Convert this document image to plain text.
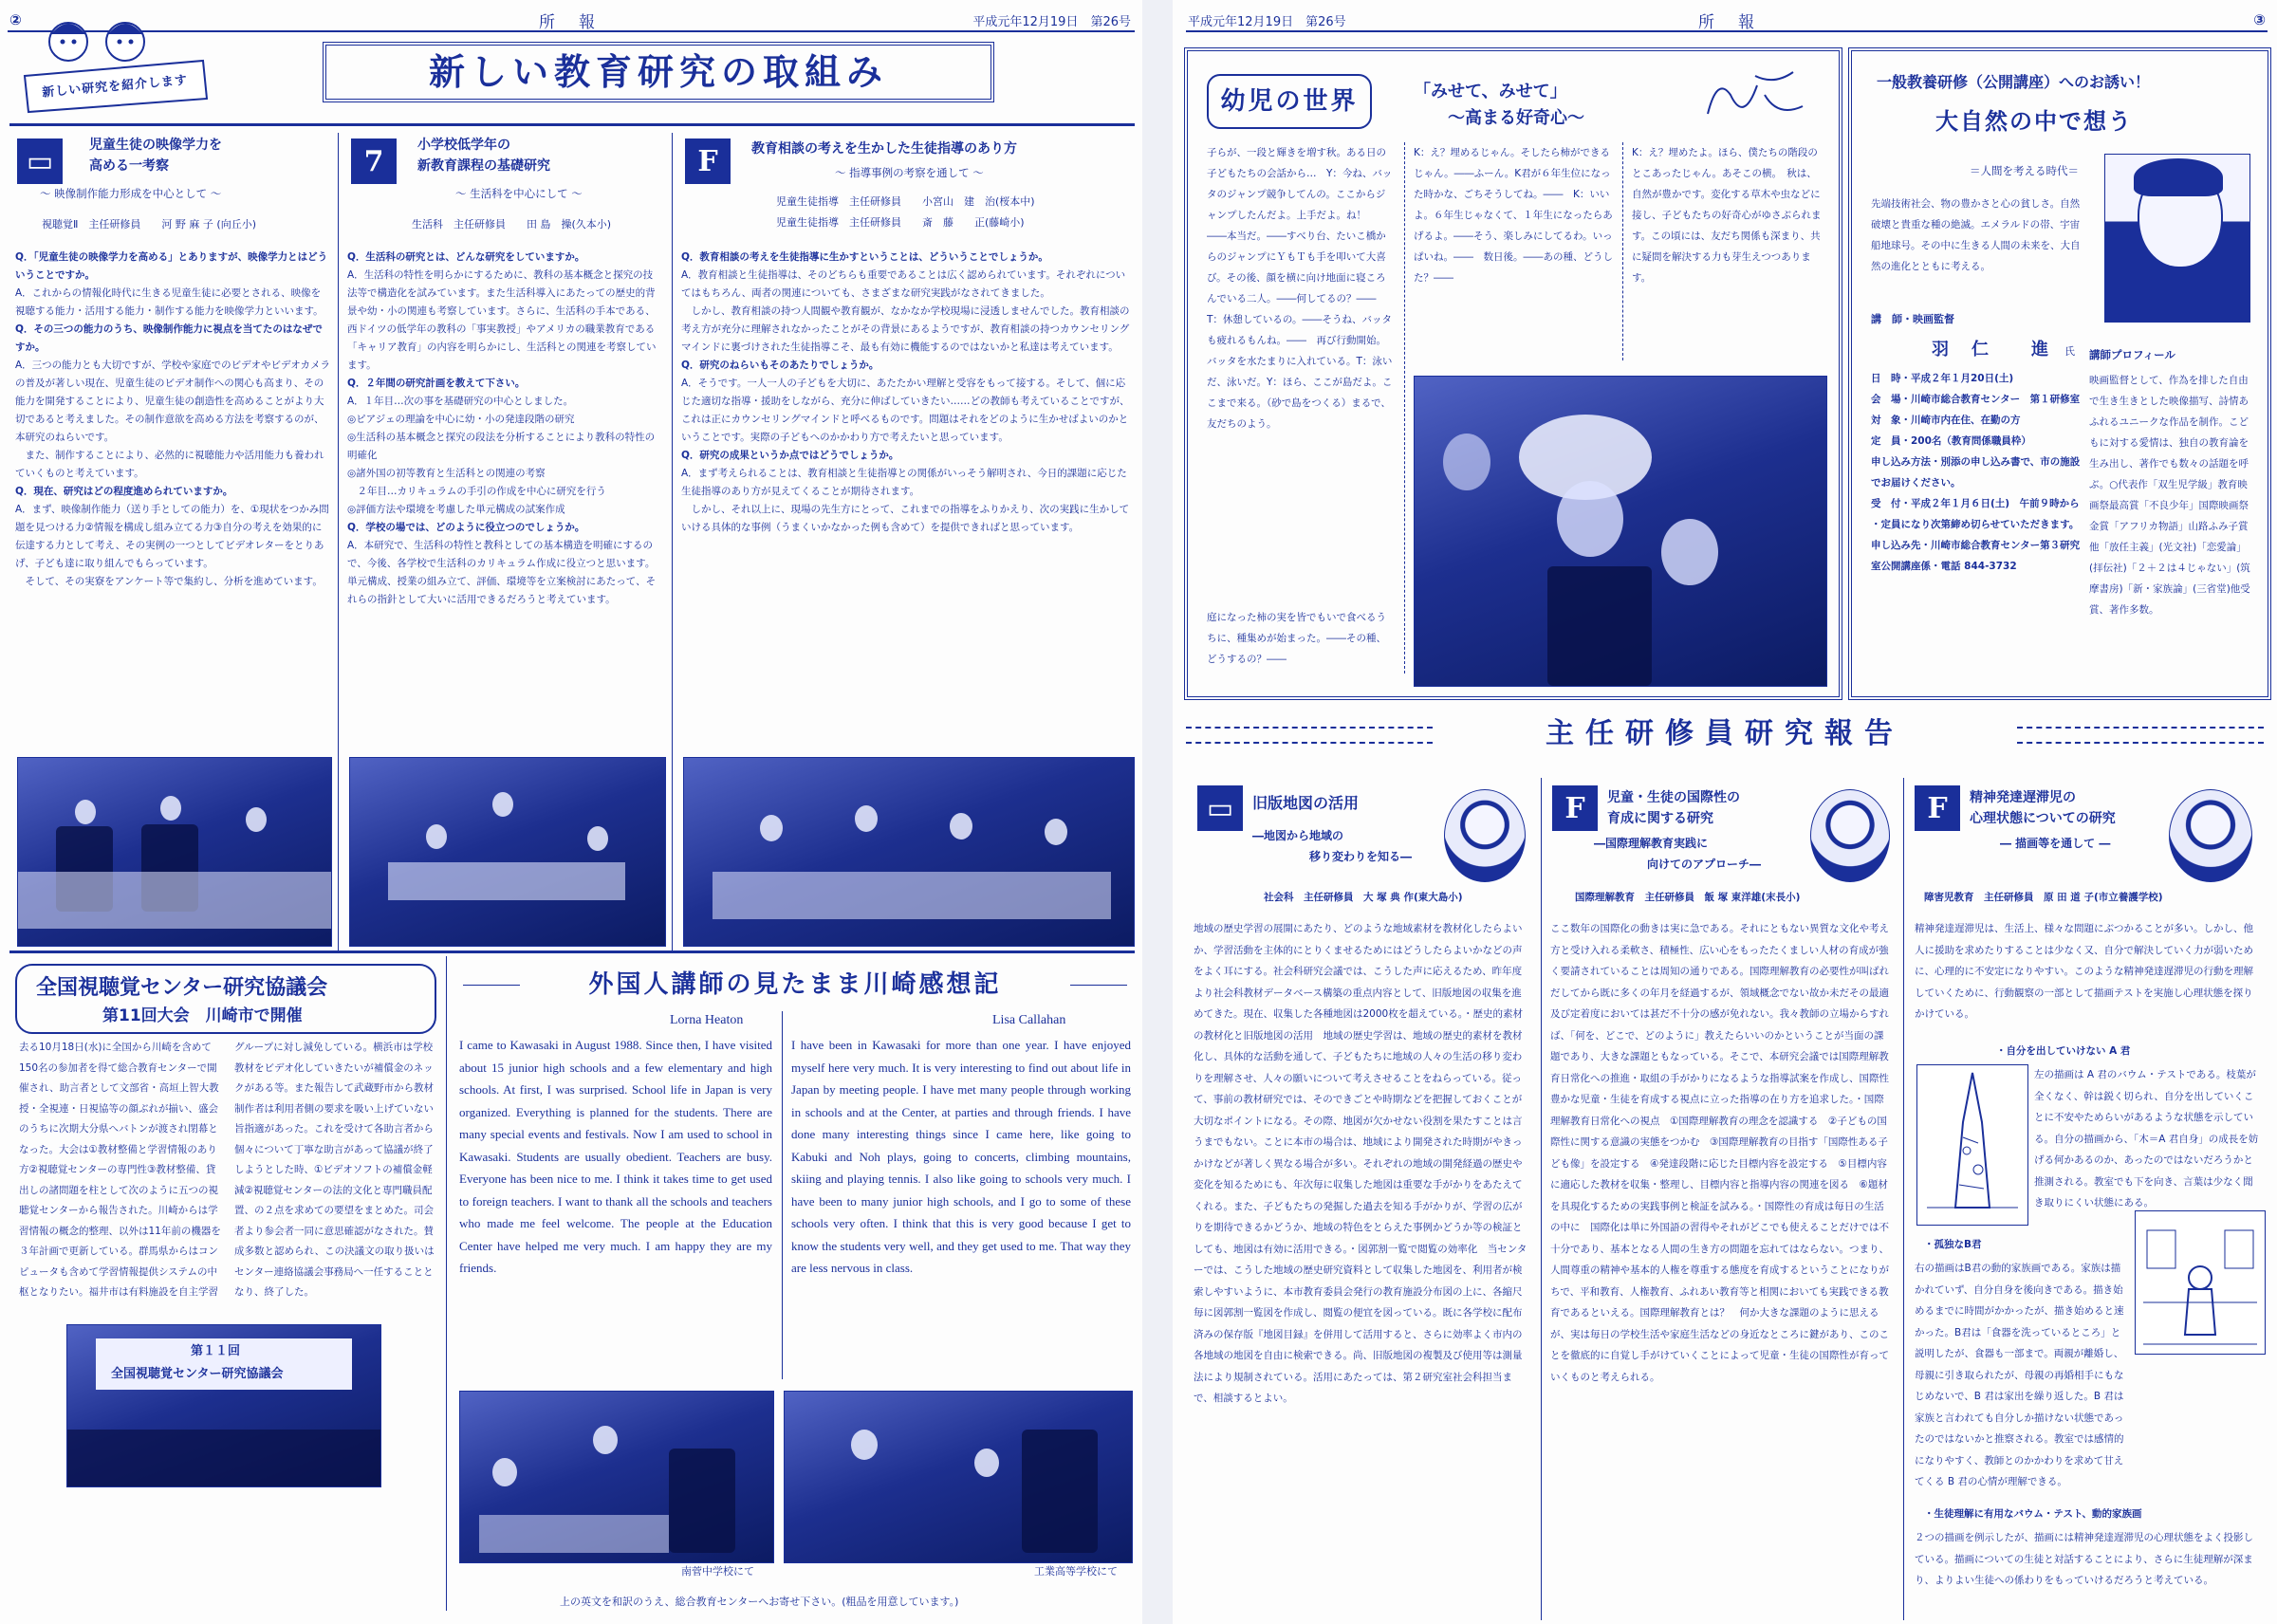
②	所　報	平成元年12月19日　第26号
新しい研究を紹介します	新しい教育研究の取組み
▭	児童生徒の映像学力を
高める一考察
～ 映像制作能力形成を中心として ～
視聴覚Ⅱ　主任研修員　　河 野 麻 子 (向丘小)

Q．「児童生徒の映像学力を高める」とありますが、映像学力とはどういうことですか。

A．これからの情報化時代に生きる児童生徒に必要とされる、映像を視聴する能力・活用する能力・制作する能力を映像学力といいます。

Q．その三つの能力のうち、映像制作能力に視点を当てたのはなぜですか。

A．三つの能力とも大切ですが、学校や家庭でのビデオやビデオカメラの普及が著しい現在、児童生徒のビデオ制作への関心も高まり、その能力を開発することにより、児童生徒の創造性を高めることがより大切であると考えました。その制作意欲を高める方法を考察するのが、本研究のねらいです。

　また、制作することにより、必然的に視聴能力や活用能力も養われていくものと考えています。

Q．現在、研究はどの程度進められていますか。

A．まず、映像制作能力（送り手としての能力）を、①現状をつかみ問題を見つける力②情報を構成し組み立てる力③自分の考えを効果的に伝達する力として考え、その実例の一つとしてビデオレターをとりあげ、子ども達に取り組んでもらっています。

　そして、その実寮をアンケート等で集約し、分析を進めています。

7	小学校低学年の
新教育課程の基礎研究
～ 生活科を中心にして ～
生活科　主任研修員　　田 島　操(久本小)

Q．生活科の研究とは、どんな研究をしていますか。

A．生活科の特性を明らかにするために、教科の基本概念と探究の技法等で構造化を試みています。また生活科導入にあたっての歴史的背景や幼・小の関連も考察しています。さらに、生活科の手本である、西ドイツの低学年の教科の「事実教授」やアメリカの職業教育である「キャリア教育」の内容を明らかにし、生活科との関連を考察しています。

Q．２年間の研究計画を教えて下さい。

A．１年目…次の事を基礎研究の中心としました。

◎ピアジェの理論を中心に幼・小の発達段階の研究

◎生活科の基本概念と探究の段法を分析することにより教科の特性の明確化

◎諸外国の初等教育と生活科との関連の考察

　２年目…カリキュラムの手引の作成を中心に研究を行う

◎評価方法や環境を考慮した単元構成の試案作成

Q．学校の場では、どのように役立つのでしょうか。

A．本研究で、生活科の特性と教科としての基本構造を明確にするので、今後、各学校で生活科のカリキュラム作成に役立つと思います。単元構成、授業の組み立て、評価、環境等を立案検討にあたって、それらの指針として大いに活用できるだろうと考えています。

F	教育相談の考えを生かした生徒指導のあり方
～ 指導事例の考察を通して ～
児童生徒指導　主任研修員　　小宮山　建　治(桜本中)
児童生徒指導　主任研修員　　斎　藤　　正(藤崎小)

Q．教育相談の考えを生徒指導に生かすということは、どういうことでしょうか。

A．教育相談と生徒指導は、そのどちらも重要であることは広く認められています。それぞれについてはもちろん、両者の関連についても、さまざまな研究実践がなされてきました。

　しかし、教育相談の持つ人間観や教育観が、なかなか学校現場に浸透しませんでした。教育相談の考え方が充分に理解されなかったことがその背景にあるようですが、教育相談の持つカウンセリングマインドに裏づけされた生徒指導こそ、最も有効に機能するのではないかと私達は考えています。

Q．研究のねらいもそのあたりでしょうか。

A．そうです。一人一人の子どもを大切に、あたたかい理解と受容をもって接する。そして、個に応じた適切な指導・援助をしながら、充分に伸ばしていきたい……どの教師も考えていることですが、これは正にカウンセリングマインドと呼べるものです。問題はそれをどのように生かせばよいのかということです。実際の子どもへのかかわり方で考えたいと思っています。

Q．研究の成果というか点ではどうでしょうか。

A．まず考えられることは、教育相談と生徒指導との関係がいっそう解明され、今日的課題に応じた生徒指導のあり方が見えてくることが期待されます。

　しかし、それ以上に、現場の先生方にとって、これまでの指導をふりかえり、次の実践に生かしていける具体的な事例（うまくいかなかった例も含めて）を提供できればと思っています。

全国視聴覚センター研究協議会
第11回大会　川崎市で開催
去る10月18日(水)に全国から川崎を含めて150名の参加者を得て総合教育センターで開催され、助言者として文部省・高垣上智大教授・全視連・日視協等の顔ぶれが揃い、盛会のうちに次期大分県へバトンが渡され閉幕となった。大会は①教材整備と学習情報のあり方②視聴覚センターの専門性③教材整備、貸出しの諸問題を柱として次のように五つの視聴覚センターから報告された。川崎からは学習情報の概念的整理、以外は11年前の機器を３年計画で更新している。群馬県からはコンピュータも含めて学習情報提供システムの中枢となりたい。福井市は有料施設を自主学習グループに対し減免している。横浜市は学校教材をビデオ化していきたいが補償金のネックがある等。また報告して武蔵野市から教材制作者は利用者側の要求を吸い上げていない旨指適があった。これを受けて各助言者から個々について丁寧な助言があって協議が終了しようとした時、①ビデオソフトの補償金軽減②視聴覚センターの法的文化と専門職員配置、の２点を求めての要望をまとめた。司会者より参会者一同に意思確認がなされた。賛成多数と認められ、この決議文の取り扱いはセンター連絡協議会事務局へ一任することとなり、終了した。
第１１回
全国視聴覚センター研究協議会
外国人講師の見たまま川崎感想記
Lorna Heaton	Lisa Callahan
I came to Kawasaki in August 1988. Since then, I have visited about 15 junior high schools and a few elementary and high schools. At first, I was surprised. School life in Japan is very organized. Everything is planned for the students. There are many special events and festivals. Now I am used to school in Kawasaki. Students are usually obedient. Teachers are busy. Everyone has been nice to me. I think it takes time to get used to foreign teachers. I want to thank all the schools and teachers who made me feel welcome. The people at the Education Center have helped me very much. I am happy they are my friends.
I have been in Kawasaki for more than one year. I have enjoyed myself here very much. It is very interesting to find out about life in Japan by meeting people. I have met many people through working in schools and at the Center, at parties and through friends. I have done many interesting things since I came here, like going to Kabuki and Noh plays, going to concerts, climbing mountains, skiing and playing tennis. I also like going to schools very much. I have been to many junior high schools, and I go to some of these schools very often. I think that this is very good because I get to know the students very well, and they get used to me. That way they are less nervous in class.
南菅中学校にて	工業高等学校にて
上の英文を和訳のうえ、総合教育センターへお寄せ下さい。(粗品を用意しています。)
平成元年12月19日　第26号	所　報	③
幼児の世界	「みせて、みせて」
～高まる好奇心～
子らが、一段と輝きを増す秋。ある日の子どもたちの会話から…　Y：今ね、バッタのジャンプ競争してんの。ここからジャンプしたんだよ。上手だよ。ね！　――本当だ。――すべり台、たいこ橋からのジャンプにＹもＴも手を叩いて大喜び。その後、顔を横に向け地面に寝ころんでいる二人。――何してるの？――　T：休憩しているの。――そうね、バッタも疲れるもんね。――　再び行動開始。バッタを水たまりに入れている。T：泳いだ、泳いだ。Y：ほら、ここが島だよ。ここまで来る。（砂で島をつくる）まるで、友だちのよう。
K：え？埋めるじゃん。そしたら柿ができるじゃん。――ふーん。K君が６年生位になった時かな、ごちそうしてね。――　K：いいよ。６年生じゃなくて、１年生になったらあげるよ。――そう、楽しみにしてるわ。いっぱいね。――　数日後。――あの種、どうした？――
K：え？埋めたよ。ほら、僕たちの階段のとこあったじゃん。あそこの横。　秋は、自然が豊かです。変化する草木や虫などに接し、子どもたちの好奇心がゆさぶられます。この頃には、友だち関係も深まり、共に疑問を解決する力も芽生えつつあります。
庭になった柿の実を皆でもいで食べるうちに、種集めが始まった。――その種、どうするの？――
一般教養研修（公開講座）へのお誘い！
大自然の中で想う
＝人間を考える時代＝
先端技術社会、物の豊かさと心の貧しさ。自然破壊と貴重な種の絶滅。エメラルドの帯、宇宙船地球号。その中に生きる人間の未来を、大自然の進化とともに考える。
講　師・映画監督
羽　仁　　進 氏

日　時・平成２年１月20日(土)

会　場・川崎市総合教育センター　第１研修室

対　象・川崎市内在住、在勤の方

定　員・200名（教育問係職員枠）

申し込み方法・別添の申し込み書で、市の施設でお届けください。

受　付・平成２年１月６日(土)　午前９時から

・定員になり次第締め切らせていただきます。

申し込み先・川崎市総合教育センター第３研究室公開講座係・電話 844-3732

講師プロフィール
映画監督として、作為を排した自由で生き生きとした映像描写、詩情あふれるユニークな作品を制作。こどもに対する愛情は、独自の教育論を生み出し、著作でも数々の話題を呼ぶ。○代表作「双生児学級」教育映画祭最高賞「不良少年」国際映画祭金賞「アフリカ物語」山路ふみ子賞他「放任主義」(光文社)「恋愛論」(拝伝社)「２＋２は４じゃない」(筑摩書房)「新・家族論」(三省堂)他受賞、著作多数。
主任研修員研究報告
▭	旧版地図の活用
―地図から地域の
移り変わりを知る―
社会科　主任研修員　大 塚 典 作(東大島小)
地域の歴史学習の展開にあたり、どのような地域素材を教材化したらよいか、学習活動を主体的にとりくませるためにはどうしたらよいかなどの声をよく耳にする。社会科研究会議では、こうした声に応えるため、昨年度より社会科教材データベース構築の重点内容として、旧版地図の収集を進めてきた。現在、収集した各種地図は2000枚を超えている。・歴史的素材の教材化と旧版地図の活用　地域の歴史学習は、地域の歴史的素材を教材化し、具体的な活動を通して、子どもたちに地域の人々の生活の移り変わりを理解させ、人々の願いについて考えさせることをねらっている。従って、事前の教材研究では、そのできごとや時期などを把握しておくことが大切なポイントになる。その際、地図が欠かせない役割を果たすことは言うまでもない。ことに本市の場合は、地域により開発された時期がやきっかけなどが著しく異なる場合が多い。それぞれの地域の開発経過の歴史や変化を知るためにも、年次毎に収集した地図は重要な手がかりをあたえてくれる。また、子どもたちの発掘した過去を知る手がかりが、学習の広がりを期待できるかどうか、地域の特色をとらえた事例かどうか等の検証としても、地図は有効に活用できる。・図郭割一覧で閲覧の効率化　当センターでは、こうした地域の歴史研究資料として収集した地図を、利用者が検索しやすいように、本市教育委員会発行の教育施設分布図の上に、各縮尺毎に図郭割一覧図を作成し、閲覧の便宜を図っている。既に各学校に配布済みの保存版『地図目録』を併用して活用すると、さらに効率よく市内の各地域の地図を自由に検索できる。尚、旧版地図の複製及び使用等は測量法により規制されている。活用にあたっては、第２研究室社会科担当まで、相談するとよい。
F	児童・生徒の国際性の
育成に関する研究
―国際理解教育実践に
向けてのアプローチ―
国際理解教育　主任研修員　飯 塚 東洋雄(末長小)
ここ数年の国際化の動きは実に急である。それにともない異質な文化や考え方と受け入れる柔軟さ、積極性、広い心をもったたくましい人材の育成が強く要請されていることは周知の通りである。国際理解教育の必要性が叫ばれだしてから既に多くの年月を経過するが、領域概念でない故か未だその最適及び定着度においては甚だ不十分の感が免れない。我々教師の立場からすれば、「何を、どこで、どのように」教えたらいいのかということが当面の課題であり、大きな課題ともなっている。そこで、本研究会議では国際理解教育日常化への推進・取組の手がかりになるような指導試案を作成し、国際性豊かな児童・生徒を育成する視点に立った指導の在り方を追求した。・国際理解教育日常化への視点　①国際理解教育の理念を認識する　②子どもの国際性に関する意識の実態をつかむ　③国際理解教育の目指す「国際性ある子ども像」を設定する　④発達段階に応じた目標内容を設定する　⑤目標内容に適応した教材を収集・整理し、目標内容と指導内容の関連を図る　⑥題材を具現化するための実践事例と検証を試みる。・国際性の育成は毎日の生活の中に　国際化は単に外国語の習得やそれがどこでも使えることだけでは不十分であり、基本となる人間の生き方の問題を忘れてはならない。つまり、人間尊重の精神や基本的人権を尊重する態度を育成するということになりがちで、平和教育、人権教育、ふれあい教育等と相関においても実践できる教育であるといえる。国際理解教育とは？　何か大きな課題のように思えるが、実は毎日の学校生活や家庭生活などの身近なところに鍵があり、このことを徹底的に自覚し手がけていくことによって児童・生徒の国際性が育っていくものと考えられる。
F	精神発達遅滞児の
心理状態についての研究
― 描画等を通して ―
障害児教育　主任研修員　原 田 道 子(市立養護学校)
精神発達遅滞児は、生活上、様々な問題にぶつかることが多い。しかし、他人に援助を求めたりすることは少なく又、自分で解決していく力が弱いために、心理的に不安定になりやすい。このような精神発達遅滞児の行動を理解していくために、行動観察の一部として描画テストを実施し心理状態を探りかけている。
・自分を出していけない A 君
左の描画は A 君のバウム・テストである。枝葉が全くなく、幹は鋭く切られ、自分を出していくことに不安やためらいがあるような状態を示している。自分の描画から、「木＝A 君自身」の成長を妨げる何かあるのか、あったのではないだろうかと推測される。教室でも下を向き、言葉は少なく聞き取りにくい状態にある。
・孤独なB君
右の描画はB君の動的家族画である。家族は描かれていず、自分自身を後向きである。描き始めるまでに時間がかかったが、描き始めると速かった。B君は「食器を洗っているところ」と説明したが、食器も一部まで。両親が離婚し、母親に引き取られたが、母親の再婚相手にもなじめないで、B 君は家出を繰り返した。B 君は家族と言われても自分しか描けない状態であったのではないかと推察される。教室では感情的になりやすく、教師とのかかわりを求めて甘えてくる B 君の心情が理解できる。
・生徒理解に有用なバウム・テスト、動的家族画
２つの描画を例示したが、描画には精神発達遅滞児の心理状態をよく投影している。描画についての生徒と対話することにより、さらに生徒理解が深まり、よりよい生徒への係わりをもっていけるだろうと考えている。
